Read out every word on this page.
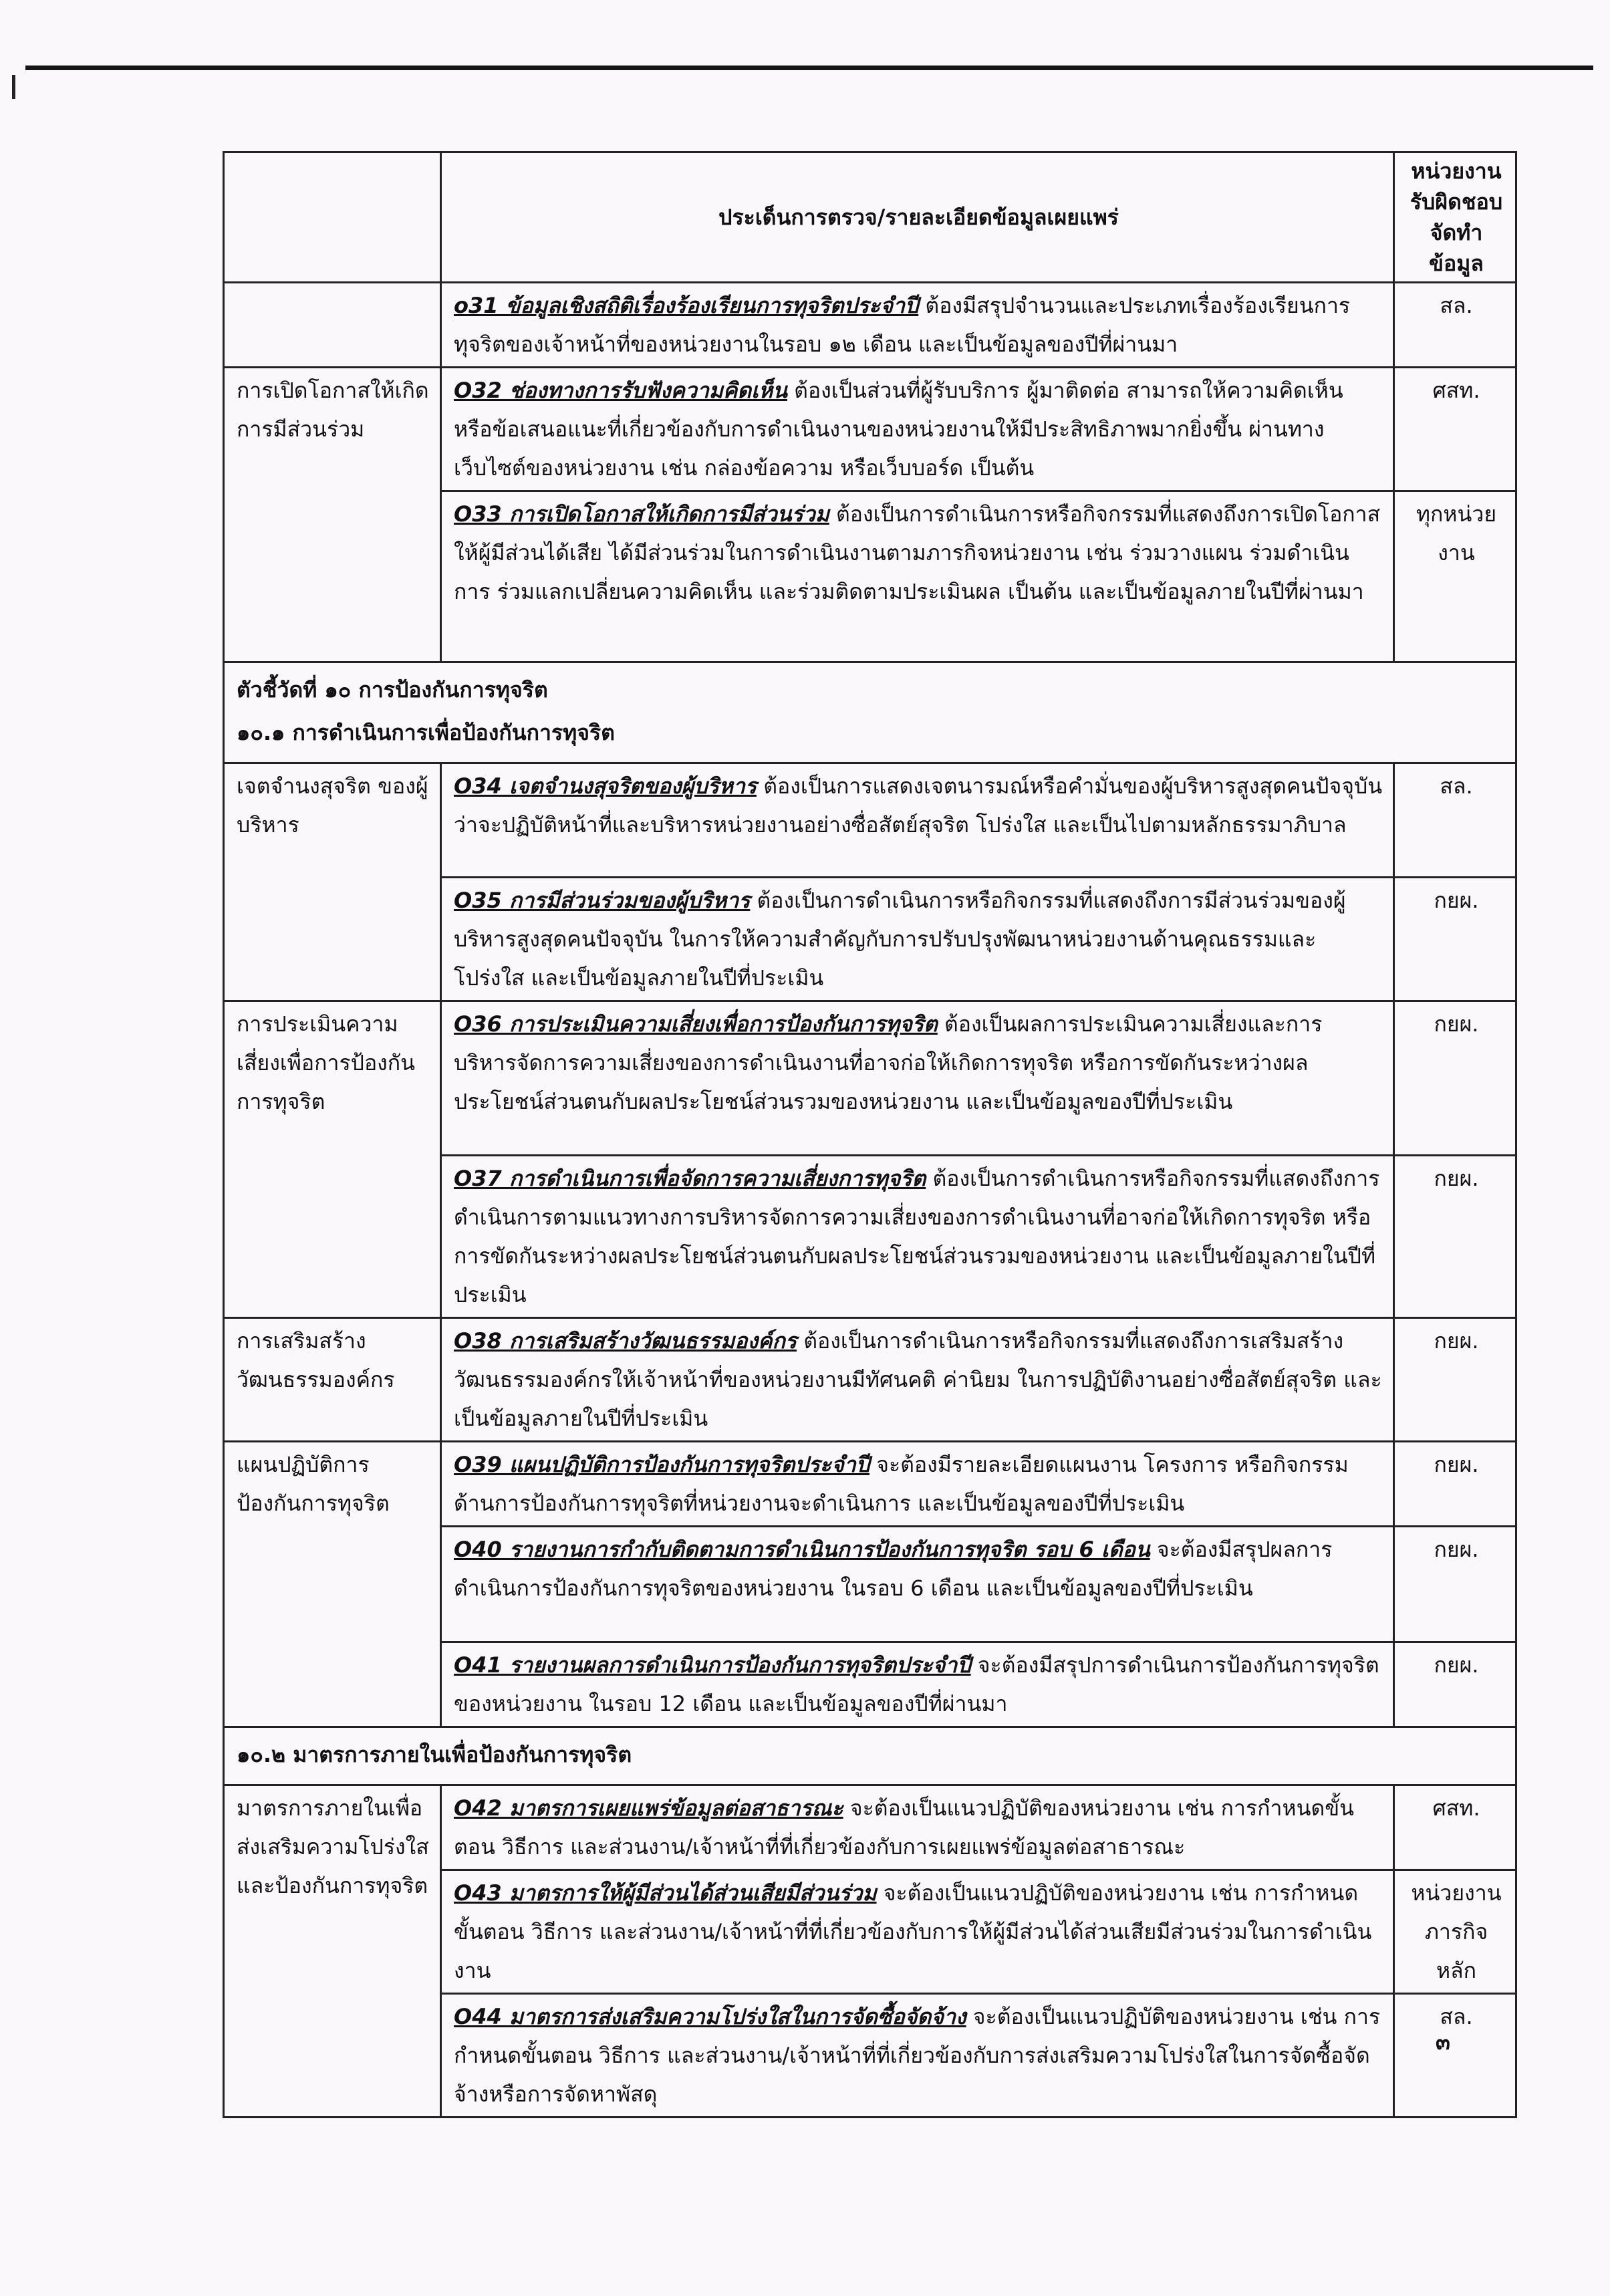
	ประเด็นการตรวจ/รายละเอียดข้อมูลเผยแพร่	หน่วยงานรับผิดชอบจัดทำข้อมูล
	o31 ข้อมูลเชิงสถิติเรื่องร้องเรียนการทุจริตประจำปี ต้องมีสรุปจำนวนและประเภทเรื่องร้องเรียนการทุจริตของเจ้าหน้าที่ของหน่วยงานในรอบ ๑๒ เดือน และเป็นข้อมูลของปีที่ผ่านมา	สล.
การเปิดโอกาสให้เกิดการมีส่วนร่วม	O32 ช่องทางการรับฟังความคิดเห็น ต้องเป็นส่วนที่ผู้รับบริการ ผู้มาติดต่อ สามารถให้ความคิดเห็น หรือข้อเสนอแนะที่เกี่ยวข้องกับการดำเนินงานของหน่วยงานให้มีประสิทธิภาพมากยิ่งขึ้น ผ่านทางเว็บไซต์ของหน่วยงาน เช่น กล่องข้อความ หรือเว็บบอร์ด เป็นต้น	ศสท.
	O33 การเปิดโอกาสให้เกิดการมีส่วนร่วม ต้องเป็นการดำเนินการหรือกิจกรรมที่แสดงถึงการเปิดโอกาสให้ผู้มีส่วนได้เสีย ได้มีส่วนร่วมในการดำเนินงานตามภารกิจหน่วยงาน เช่น ร่วมวางแผน ร่วมดำเนินการ ร่วมแลกเปลี่ยนความคิดเห็น และร่วมติดตามประเมินผล เป็นต้น และเป็นข้อมูลภายในปีที่ผ่านมา	ทุกหน่วยงาน

ตัวชี้วัดที่ ๑๐ การป้องกันการทุจริต
๑๐.๑ การดำเนินการเพื่อป้องกันการทุจริต		

เจตจำนงสุจริต ของผู้บริหาร	O34 เจตจำนงสุจริตของผู้บริหาร ต้องเป็นการแสดงเจตนารมณ์หรือคำมั่นของผู้บริหารสูงสุดคนปัจจุบัน ว่าจะปฏิบัติหน้าที่และบริหารหน่วยงานอย่างซื่อสัตย์สุจริต โปร่งใส และเป็นไปตามหลักธรรมาภิบาล	สล.
	O35 การมีส่วนร่วมของผู้บริหาร ต้องเป็นการดำเนินการหรือกิจกรรมที่แสดงถึงการมีส่วนร่วมของผู้บริหารสูงสุดคนปัจจุบัน ในการให้ความสำคัญกับการปรับปรุงพัฒนาหน่วยงานด้านคุณธรรมและโปร่งใส และเป็นข้อมูลภายในปีที่ประเมิน	กยผ.
การประเมินความเสี่ยงเพื่อการป้องกันการทุจริต	O36 การประเมินความเสี่ยงเพื่อการป้องกันการทุจริต ต้องเป็นผลการประเมินความเสี่ยงและการบริหารจัดการความเสี่ยงของการดำเนินงานที่อาจก่อให้เกิดการทุจริต หรือการขัดกันระหว่างผลประโยชน์ส่วนตนกับผลประโยชน์ส่วนรวมของหน่วยงาน และเป็นข้อมูลของปีที่ประเมิน	กยผ.
	O37 การดำเนินการเพื่อจัดการความเสี่ยงการทุจริต ต้องเป็นการดำเนินการหรือกิจกรรมที่แสดงถึงการดำเนินการตามแนวทางการบริหารจัดการความเสี่ยงของการดำเนินงานที่อาจก่อให้เกิดการทุจริต หรือการขัดกันระหว่างผลประโยชน์ส่วนตนกับผลประโยชน์ส่วนรวมของหน่วยงาน และเป็นข้อมูลภายในปีที่ประเมิน	กยผ.
การเสริมสร้างวัฒนธรรมองค์กร	O38 การเสริมสร้างวัฒนธรรมองค์กร ต้องเป็นการดำเนินการหรือกิจกรรมที่แสดงถึงการเสริมสร้างวัฒนธรรมองค์กรให้เจ้าหน้าที่ของหน่วยงานมีทัศนคติ ค่านิยม ในการปฏิบัติงานอย่างซื่อสัตย์สุจริต และเป็นข้อมูลภายในปีที่ประเมิน	กยผ.
แผนปฏิบัติการป้องกันการทุจริต	O39 แผนปฏิบัติการป้องกันการทุจริตประจำปี จะต้องมีรายละเอียดแผนงาน โครงการ หรือกิจกรรมด้านการป้องกันการทุจริตที่หน่วยงานจะดำเนินการ และเป็นข้อมูลของปีที่ประเมิน	กยผ.
	O40 รายงานการกำกับติดตามการดำเนินการป้องกันการทุจริต รอบ 6 เดือน จะต้องมีสรุปผลการดำเนินการป้องกันการทุจริตของหน่วยงาน ในรอบ 6 เดือน และเป็นข้อมูลของปีที่ประเมิน	กยผ.
	O41 รายงานผลการดำเนินการป้องกันการทุจริตประจำปี จะต้องมีสรุปการดำเนินการป้องกันการทุจริตของหน่วยงาน ในรอบ 12 เดือน และเป็นข้อมูลของปีที่ผ่านมา	กยผ.

๑๐.๒ มาตรการภายในเพื่อป้องกันการทุจริต		

มาตรการภายในเพื่อส่งเสริมความโปร่งใสและป้องกันการทุจริต	O42 มาตรการเผยแพร่ข้อมูลต่อสาธารณะ จะต้องเป็นแนวปฏิบัติของหน่วยงาน เช่น การกำหนดขั้นตอน วิธีการ และส่วนงาน/เจ้าหน้าที่ที่เกี่ยวข้องกับการเผยแพร่ข้อมูลต่อสาธารณะ	ศสท.
	O43 มาตรการให้ผู้มีส่วนได้ส่วนเสียมีส่วนร่วม จะต้องเป็นแนวปฏิบัติของหน่วยงาน เช่น การกำหนดขั้นตอน วิธีการ และส่วนงาน/เจ้าหน้าที่ที่เกี่ยวข้องกับการให้ผู้มีส่วนได้ส่วนเสียมีส่วนร่วมในการดำเนินงาน	หน่วยงานภารกิจหลัก
	O44 มาตรการส่งเสริมความโปร่งใสในการจัดซื้อจัดจ้าง จะต้องเป็นแนวปฏิบัติของหน่วยงาน เช่น การกำหนดขั้นตอน วิธีการ และส่วนงาน/เจ้าหน้าที่ที่เกี่ยวข้องกับการส่งเสริมความโปร่งใสในการจัดซื้อจัดจ้างหรือการจัดหาพัสดุ	สล.
๓
